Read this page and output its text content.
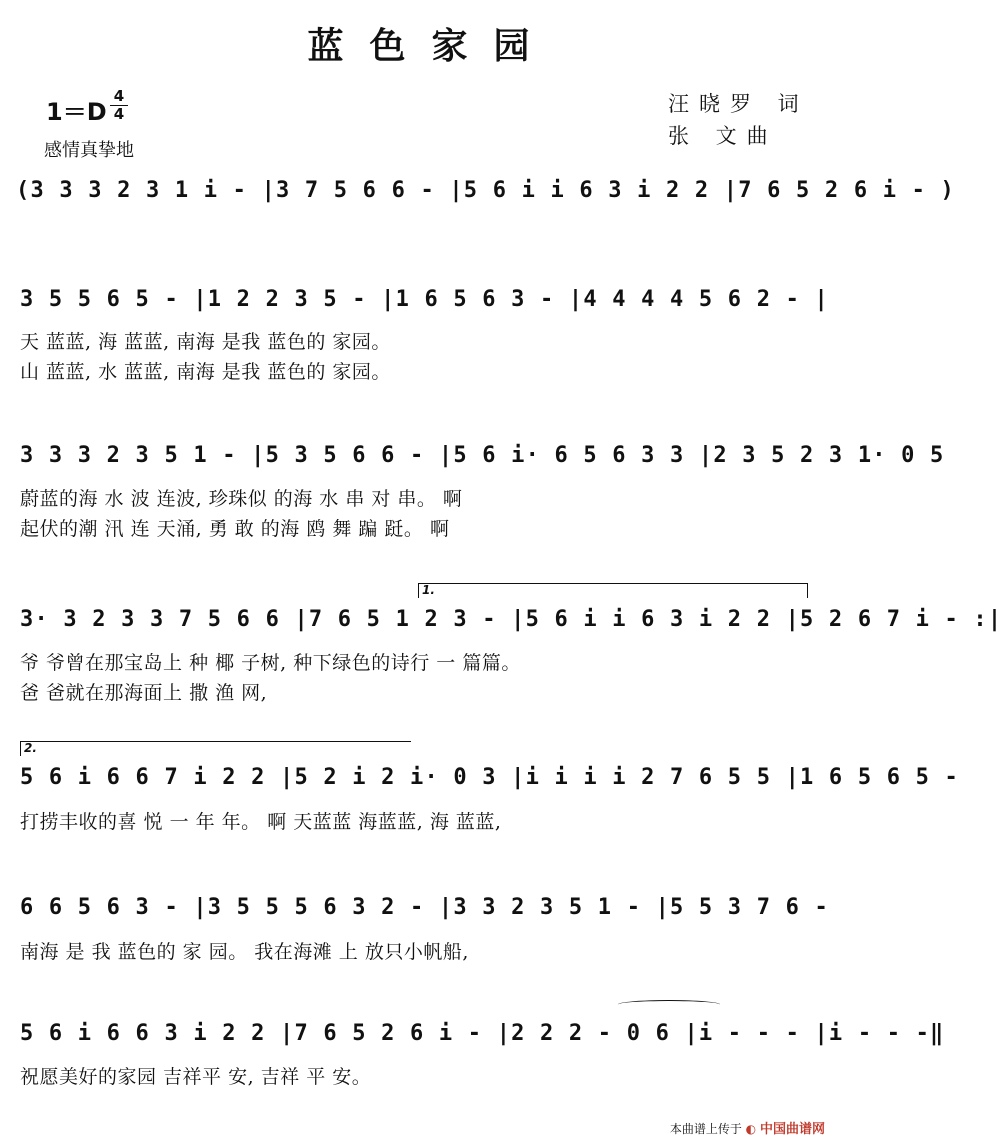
蓝色家园
1＝D
4
4
感情真挚地
汪晓罗 词
张 文曲
(3 3 3 2 3 1 i - |3 7 5 6 6 - |5 6 i i 6 3 i 2 2 |7 6 5 2 6 i - )
3 5 5 6 5 - |1 2 2 3 5 - |1 6 5 6 3 - |4 4 4 4 5 6 2 - |
天 蓝蓝, 海 蓝蓝, 南海 是我 蓝色的 家园。
山 蓝蓝, 水 蓝蓝, 南海 是我 蓝色的 家园。
3 3 3 2 3 5 1 - |5 3 5 6 6 - |5 6 i· 6 5 6 3 3 |2 3 5 2 3 1· 0 5
蔚蓝的海 水 波 连波, 珍珠似 的海 水 串 对 串。 啊
起伏的潮 汛 连 天涌, 勇 敢 的海 鸥 舞 蹁 跹。 啊
1.
3· 3 2 3 3 7 5 6 6 |7 6 5 1 2 3 - |5 6 i i 6 3 i 2 2 |5 2 6 7 i - :|
爷 爷曾在那宝岛上 种 椰 子树, 种下绿色的诗行 一 篇篇。
爸 爸就在那海面上 撒 渔 网,
2.
5 6 i 6 6 7 i 2 2 |5 2 i 2 i· 0 3 |i i i i 2 7 6 5 5 |1 6 5 6 5 -
打捞丰收的喜 悦 一 年 年。 啊 天蓝蓝 海蓝蓝, 海 蓝蓝,
6 6 5 6 3 - |3 5 5 5 6 3 2 - |3 3 2 3 5 1 - |5 5 3 7 6 -
南海 是 我 蓝色的 家 园。 我在海滩 上 放只小帆船,
5 6 i 6 6 3 i 2 2 |7 6 5 2 6 i - |2 2 2 - 0 6 |i - - - |i - - -‖
祝愿美好的家园 吉祥平 安, 吉祥 平 安。
本曲谱上传于 ◐ 中国曲谱网
